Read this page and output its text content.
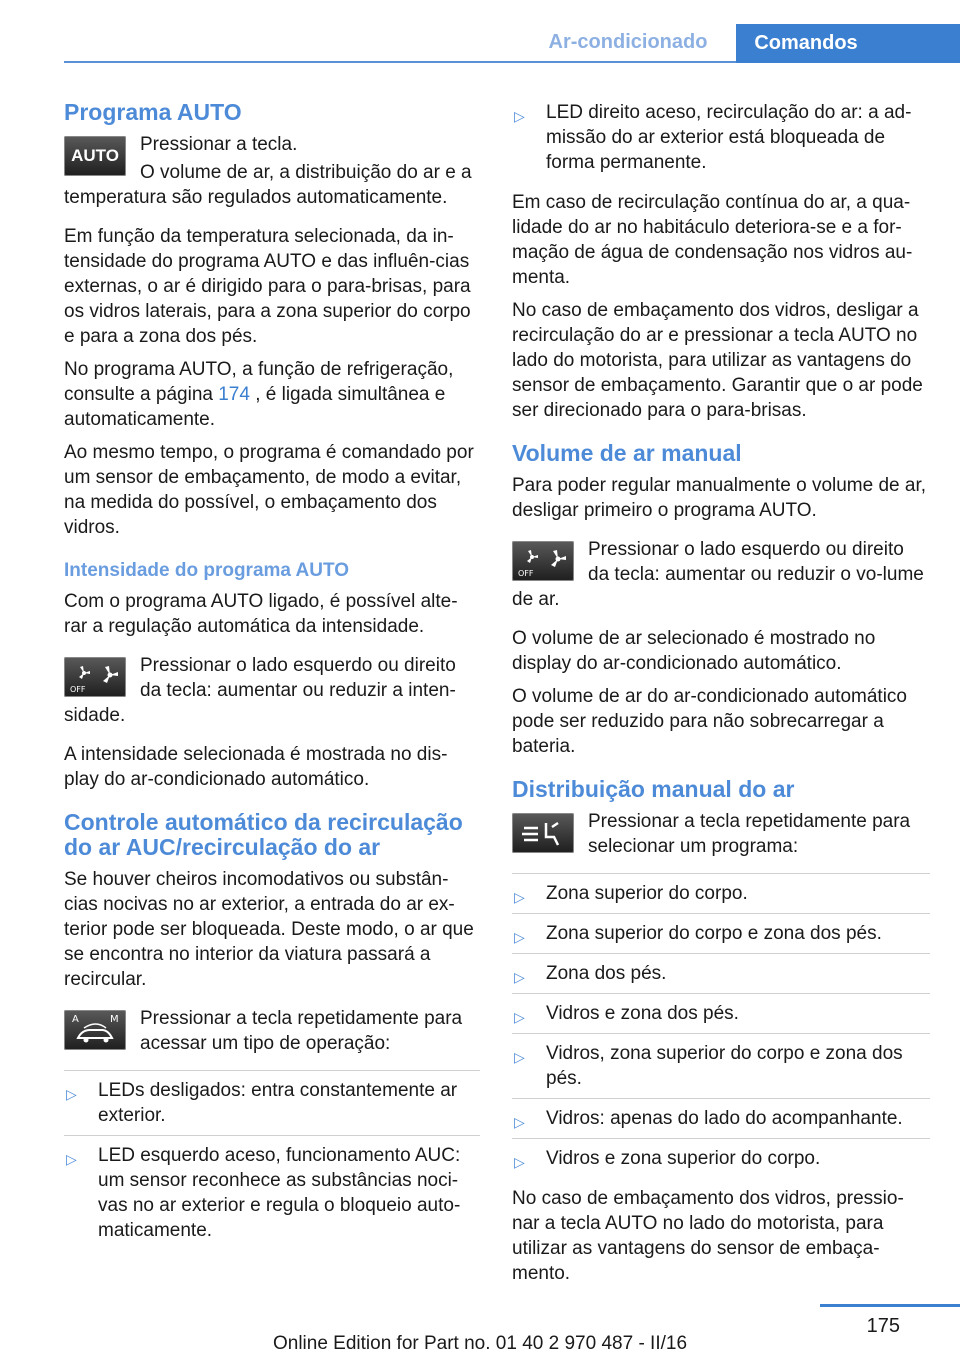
Ar-condicionado	Comandos
Programa AUTO
AUTO

Pressionar a tecla.

O volume de ar, a distribuição do ar e a temperatura são regulados automaticamente.

Em função da temperatura selecionada, da in-tensidade do programa AUTO e das influên-cias externas, o ar é dirigido para o para-brisas, para os vidros laterais, para a zona superior do corpo e para a zona dos pés.

No programa AUTO, a função de refrigeração, consulte a página 174 , é ligada simultânea e automaticamente.

Ao mesmo tempo, o programa é comandado por um sensor de embaçamento, de modo a evitar, na medida do possível, o embaçamento dos vidros.

Intensidade do programa AUTO

Com o programa AUTO ligado, é possível alte-rar a regulação automática da intensidade.

OFF

Pressionar o lado esquerdo ou direito da tecla: aumentar ou reduzir a inten-sidade.

A intensidade selecionada é mostrada no dis-play do ar-condicionado automático.

Controle automático da recirculação do ar AUC/recirculação do ar

Se houver cheiros incomodativos ou substân-cias nocivas no ar exterior, a entrada do ar ex-terior pode ser bloqueada. Deste modo, o ar que se encontra no interior da viatura passará a recircular.

A	M	Pressionar a tecla repetidamente para acessar um tipo de operação:

▷ LEDs desligados: entra constantemente ar exterior.
▷ LED esquerdo aceso, funcionamento AUC: um sensor reconhece as substâncias noci-vas no ar exterior e regula o bloqueio auto-maticamente.
▷ LED direito aceso, recirculação do ar: a ad-missão do ar exterior está bloqueada de forma permanente.

Em caso de recirculação contínua do ar, a qua-lidade do ar no habitáculo deteriora-se e a for-mação de água de condensação nos vidros au-menta.

No caso de embaçamento dos vidros, desligar a recirculação do ar e pressionar a tecla AUTO no lado do motorista, para utilizar as vantagens do sensor de embaçamento. Garantir que o ar pode ser direcionado para o para-brisas.

Volume de ar manual

Para poder regular manualmente o volume de ar, desligar primeiro o programa AUTO.

OFF

Pressionar o lado esquerdo ou direito da tecla: aumentar ou reduzir o vo-lume de ar.

O volume de ar selecionado é mostrado no display do ar-condicionado automático.

O volume de ar do ar-condicionado automático pode ser reduzido para não sobrecarregar a bateria.

Distribuição manual do ar

Pressionar a tecla repetidamente para selecionar um programa:

▷ Zona superior do corpo.
▷ Zona superior do corpo e zona dos pés.
▷ Zona dos pés.
▷ Vidros e zona dos pés.
▷ Vidros, zona superior do corpo e zona dos pés.
▷ Vidros: apenas do lado do acompanhante.
▷ Vidros e zona superior do corpo.

No caso de embaçamento dos vidros, pressio-nar a tecla AUTO no lado do motorista, para utilizar as vantagens do sensor de embaça-mento.

175
Online Edition for Part no. 01 40 2 970 487 - II/16
